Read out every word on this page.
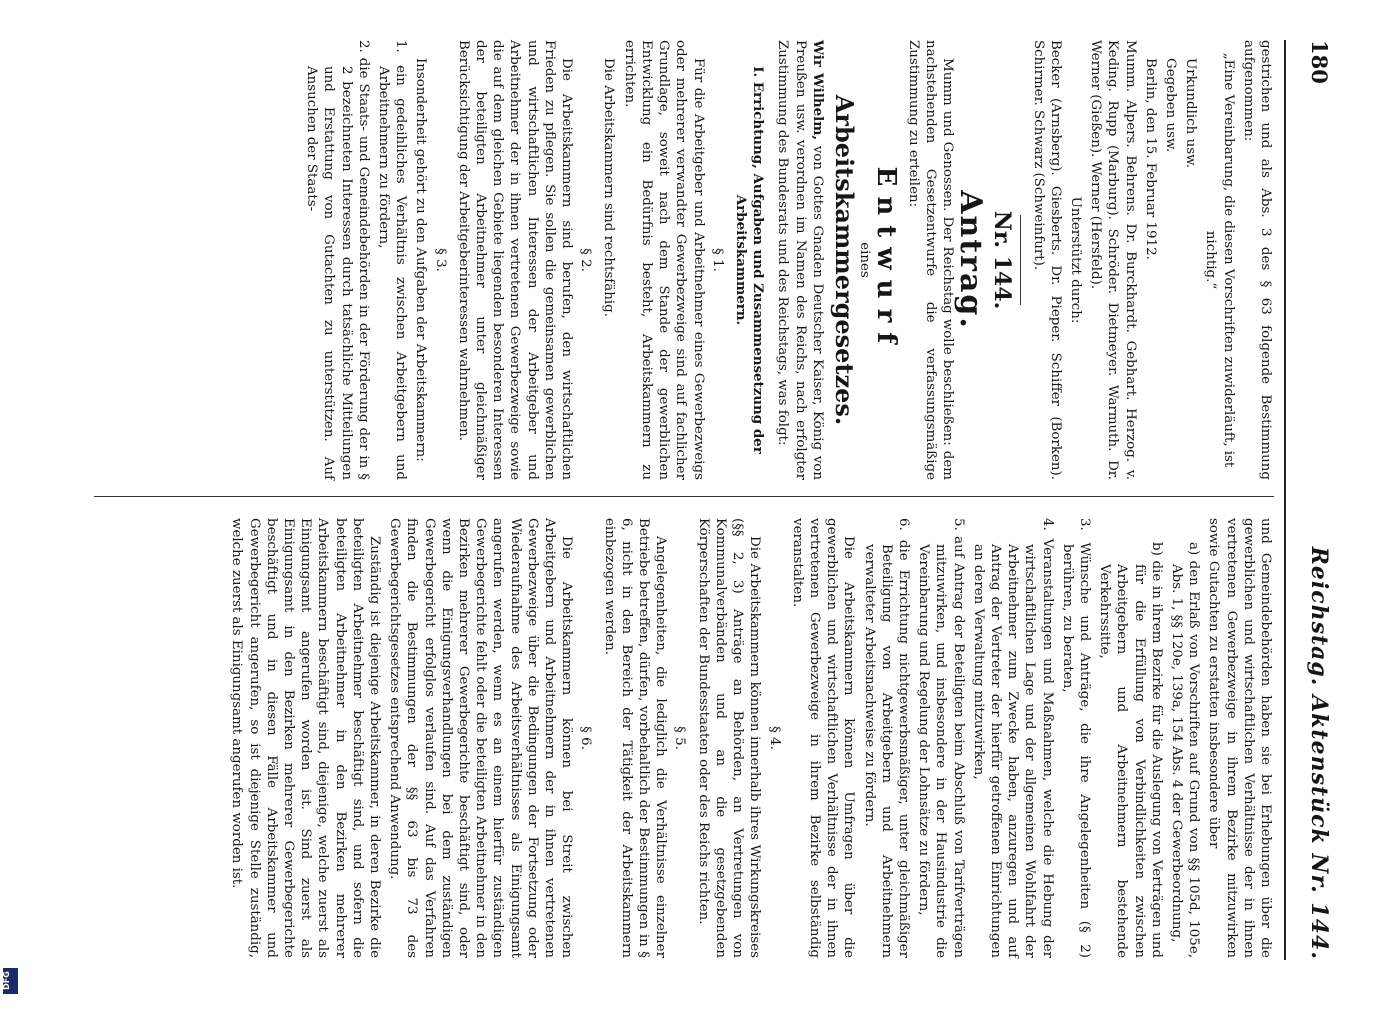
DFG
180
Reichstag. Aktenstück Nr. 144.

gestrichen und als Abs. 3 des § 63 folgende Bestimmung aufgenommen:

„Eine Vereinbarung, die diesen Vorschriften zuwiderläuft, ist nichtig.“

Urkundlich usw.

Gegeben usw.

Berlin, den 15. Februar 1912.

Mumm. Alpers. Behrens. Dr. Burckhardt. Gebhart. Herzog. v. Keding. Rupp (Marburg). Schröder. Dietmeyer. Warmuth. Dr. Werner (Gießen). Werner (Hersfeld).

Unterstützt durch:

Becker (Arnsberg). Giesberts. Dr. Pieper. Schiffer (Borken). Schirmer. Schwarz (Schweinfurt).

Nr. 144.
Antrag.

Mumm und Genossen. Der Reichstag wolle beschließen: dem nachstehenden Gesetzentwurfe die verfassungsmäßige Zustimmung zu erteilen:

Entwurf

eines

Arbeitskammergesetzes.

Wir Wilhelm, von Gottes Gnaden Deutscher Kaiser, König von Preußen usw. verordnen im Namen des Reichs, nach erfolgter Zustimmung des Bundesrats und des Reichstags, was folgt:

I. Errichtung, Aufgaben und Zusammensetzung der Arbeitskammern.

§ 1.

Für die Arbeitgeber und Arbeitnehmer eines Gewerbezweigs oder mehrerer verwandter Gewerbezweige sind auf fachlicher Grundlage, soweit nach dem Stande der gewerblichen Entwicklung ein Bedürfnis besteht, Arbeitskammern zu errichten.

Die Arbeitskammern sind rechtsfähig.

§ 2.

Die Arbeitskammern sind berufen, den wirtschaftlichen Frieden zu pflegen. Sie sollen die gemeinsamen gewerblichen und wirtschaftlichen Interessen der Arbeitgeber und Arbeitnehmer der in ihnen vertretenen Gewerbezweige sowie die auf dem gleichen Gebiete liegenden besonderen Interessen der beteiligten Arbeitnehmer unter gleichmäßiger Berücksichtigung der Arbeitgeberinteressen wahrnehmen.

§ 3.

Insonderheit gehört zu den Aufgaben der Arbeitskammern:

1. ein gedeihliches Verhältnis zwischen Arbeitgebern und Arbeitnehmern zu fördern,

2. die Staats- und Gemeindebehörden in der Förderung der in § 2 bezeichneten Interessen durch tatsächliche Mitteilungen und Erstattung von Gutachten zu unterstützen. Auf Ansuchen der Staats-

und Gemeindebehörden haben sie bei Erhebungen über die gewerblichen und wirtschaftlichen Verhältnisse der in ihnen vertretenen Gewerbezweige in ihrem Bezirke mitzuwirken sowie Gutachten zu erstatten insbesondere über

a) den Erlaß von Vorschriften auf Grund von §§ 105d, 105e, Abs. 1, §§ 120e, 139a, 154 Abs. 4 der Gewerbeordnung,

b) die in ihrem Bezirke für die Auslegung von Verträgen und für die Erfüllung von Verbindlichkeiten zwischen Arbeitgebern und Arbeitnehmern bestehende Verkehrssitte,

3. Wünsche und Anträge, die ihre Angelegenheiten (§ 2) berühren, zu beraten,

4. Veranstaltungen und Maßnahmen, welche die Hebung der wirtschaftlichen Lage und der allgemeinen Wohlfahrt der Arbeitnehmer zum Zwecke haben, anzuregen und auf Antrag der Vertreter der hierfür getroffenen Einrichtungen an deren Verwaltung mitzuwirken,

5. auf Antrag der Beteiligten beim Abschluß von Tarifverträgen mitzuwirken, und insbesondere in der Hausindustrie die Vereinbarung und Regelung der Lohnsätze zu fördern,

6. die Errichtung nichtgewerbsmäßiger, unter gleichmäßiger Beteiligung von Arbeitgebern und Arbeitnehmern verwalteter Arbeitsnachweise zu fördern.

Die Arbeitskammern können Umfragen über die gewerblichen und wirtschaftlichen Verhältnisse der in ihnen vertretenen Gewerbezweige in ihrem Bezirke selbständig veranstalten.

§ 4.

Die Arbeitskammern können innerhalb ihres Wirkungskreises (§§ 2, 3) Anträge an Behörden, an Vertretungen von Kommunalverbänden und an die gesetzgebenden Körperschaften der Bundesstaaten oder des Reichs richten.

§ 5.

Angelegenheiten, die lediglich die Verhältnisse einzelner Betriebe betreffen, dürfen, vorbehaltlich der Bestimmungen in § 6, nicht in den Bereich der Tätigkeit der Arbeitskammern einbezogen werden.

§ 6.

Die Arbeitskammern können bei Streit zwischen Arbeitgebern und Arbeitnehmern der in ihnen vertretenen Gewerbezweige über die Bedingungen der Fortsetzung oder Wiederaufnahme des Arbeitsverhältnisses als Einigungsamt angerufen werden, wenn es an einem hierfür zuständigen Gewerbegerichte fehlt oder die beteiligten Arbeitnehmer in den Bezirken mehrerer Gewerbegerichte beschäftigt sind, oder wenn die Einigungsverhandlungen bei dem zuständigen Gewerbegericht erfolglos verlaufen sind. Auf das Verfahren finden die Bestimmungen der §§ 63 bis 73 des Gewerbegerichtsgesetzes entsprechend Anwendung.

Zuständig ist diejenige Arbeitskammer, in deren Bezirke die beteiligten Arbeitnehmer beschäftigt sind, und sofern die beteiligten Arbeitnehmer in den Bezirken mehrerer Arbeitskammern beschäftigt sind, diejenige, welche zuerst als Einigungsamt angerufen worden ist. Sind zuerst als Einigungsamt in den Bezirken mehrerer Gewerbegerichte beschäftigt und in diesen Fälle Arbeitskammer und Gewerbegericht angerufen, so ist diejenige Stelle zuständig, welche zuerst als Einigungsamt angerufen worden ist.
